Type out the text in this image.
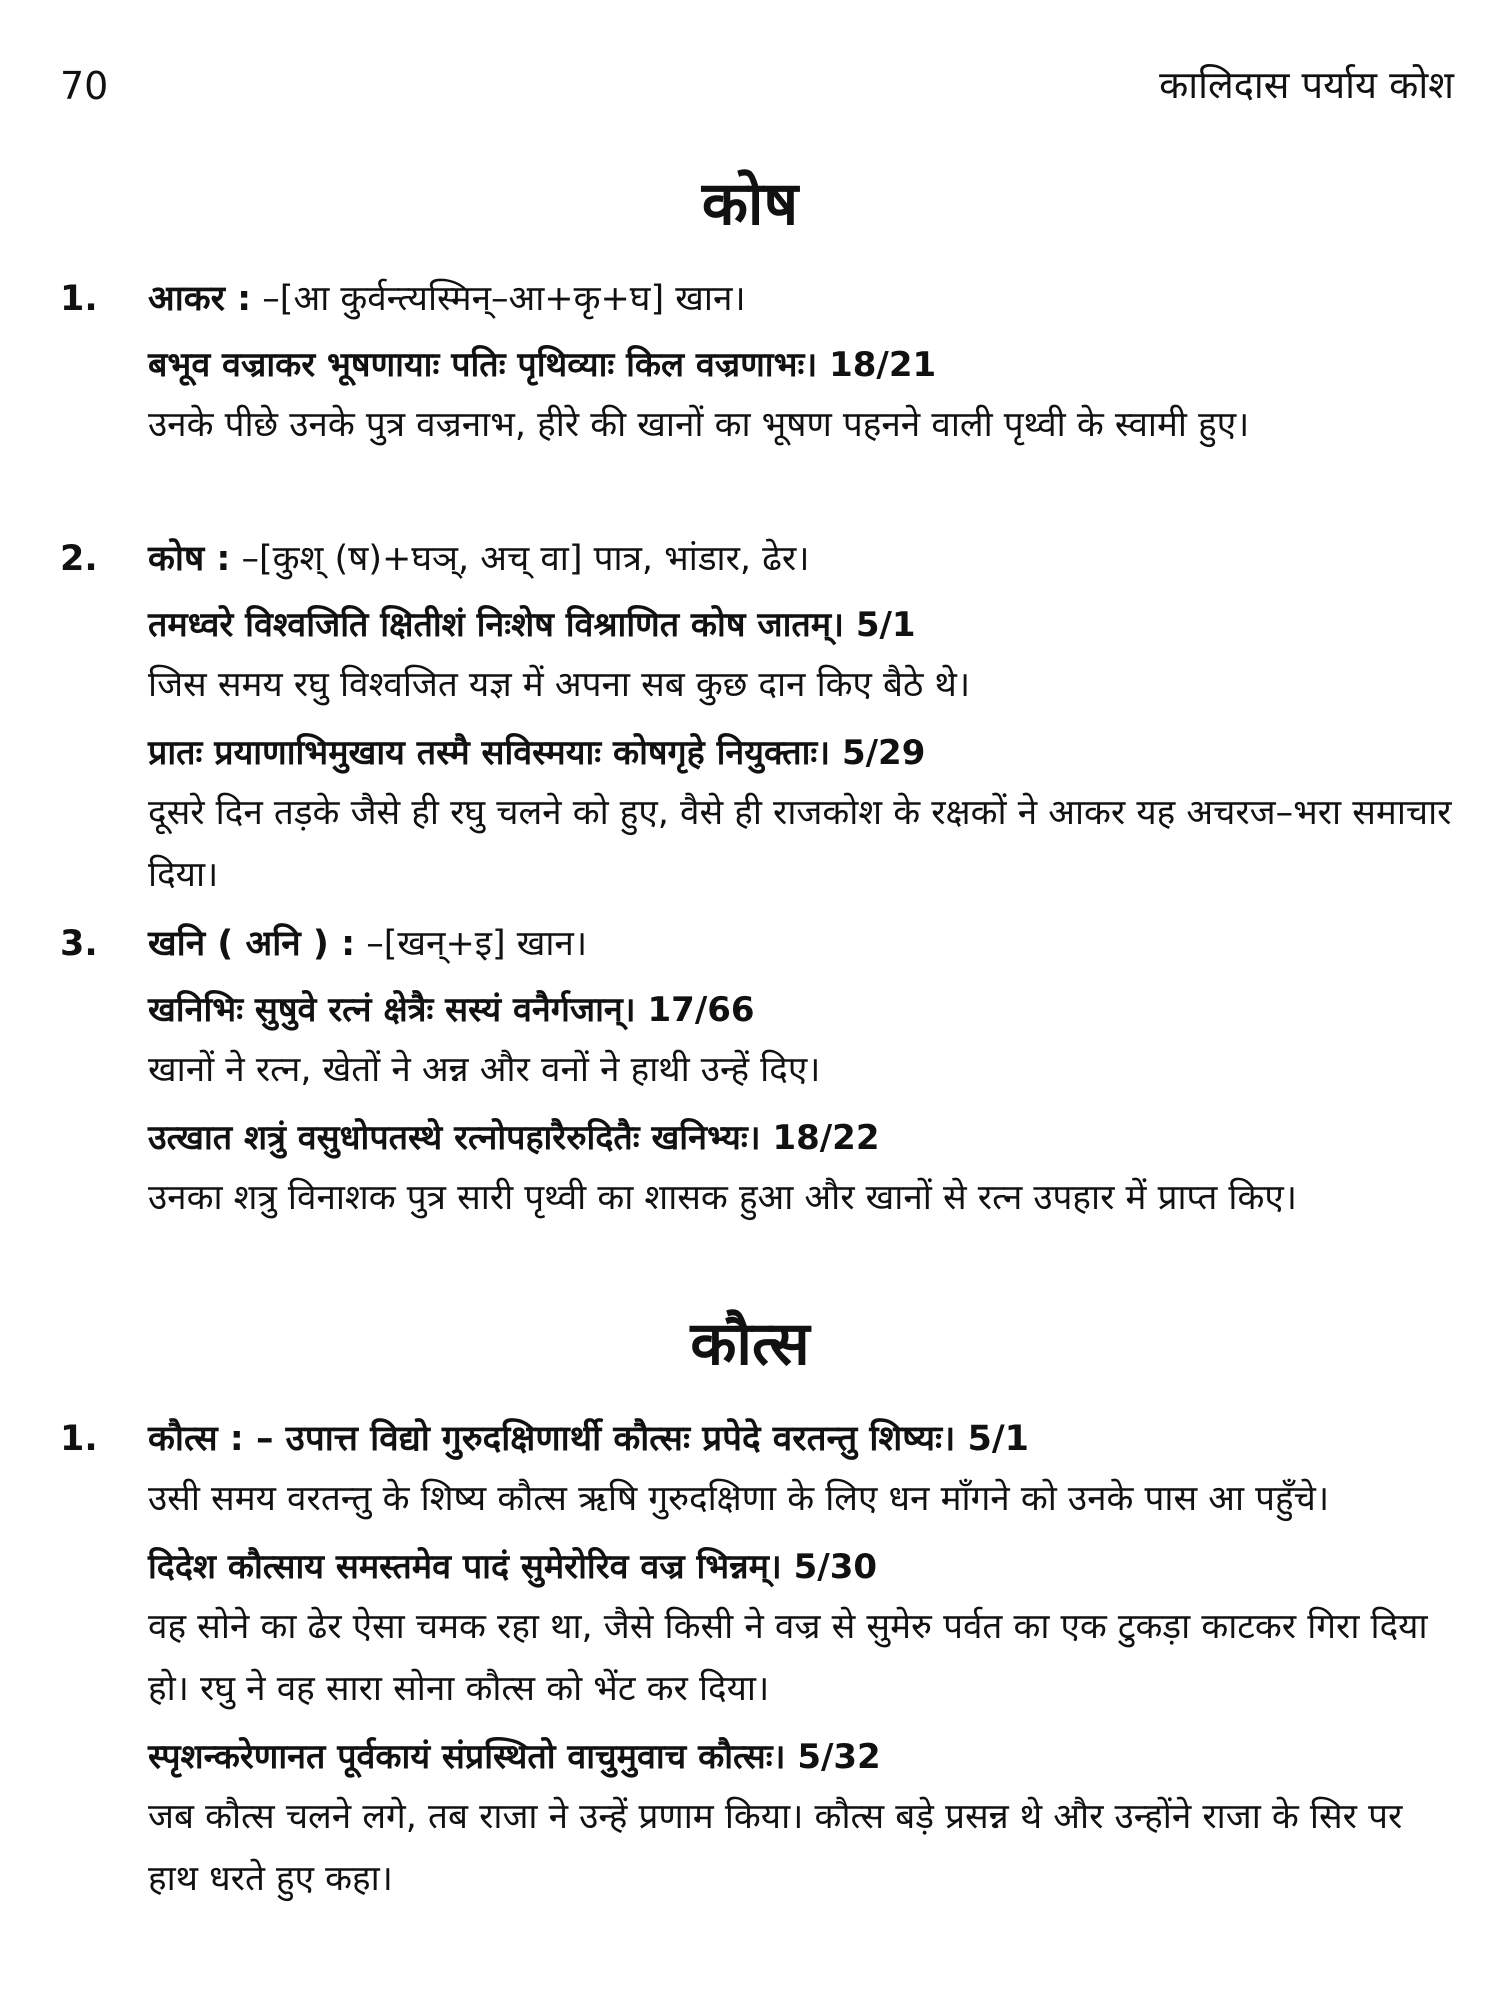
70	कालिदास पर्याय कोश
कोष
1.	आकर : –[आ कुर्वन्त्यस्मिन्–आ+कृ+घ] खान।
बभूव वज्राकर भूषणायाः पतिः पृथिव्याः किल वज्रणाभः। 18/21
उनके पीछे उनके पुत्र वज्रनाभ, हीरे की खानों का भूषण पहनने वाली पृथ्वी के स्वामी हुए।
2.	कोष : –[कुश् (ष)+घञ्, अच् वा] पात्र, भांडार, ढेर।
तमध्वरे विश्वजिति क्षितीशं निःशेष विश्राणित कोष जातम्। 5/1
जिस समय रघु विश्वजित यज्ञ में अपना सब कुछ दान किए बैठे थे।
प्रातः प्रयाणाभिमुखाय तस्मै सविस्मयाः कोषगृहे नियुक्ताः। 5/29
दूसरे दिन तड़के जैसे ही रघु चलने को हुए, वैसे ही राजकोश के रक्षकों ने आकर यह अचरज–भरा समाचार दिया।
3.	खनि ( अनि ) : –[खन्+इ] खान।
खनिभिः सुषुवे रत्नं क्षेत्रैः सस्यं वनैर्गजान्। 17/66
खानों ने रत्न, खेतों ने अन्न और वनों ने हाथी उन्हें दिए।
उत्खात शत्रुं वसुधोपतस्थे रत्नोपहारैरुदितैः खनिभ्यः। 18/22
उनका शत्रु विनाशक पुत्र सारी पृथ्वी का शासक हुआ और खानों से रत्न उपहार में प्राप्त किए।
कौत्स
1.	कौत्स : – उपात्त विद्यो गुरुदक्षिणार्थी कौत्सः प्रपेदे वरतन्तु शिष्यः। 5/1
उसी समय वरतन्तु के शिष्य कौत्स ऋषि गुरुदक्षिणा के लिए धन माँगने को उनके पास आ पहुँचे।
दिदेश कौत्साय समस्तमेव पादं सुमेरोरिव वज्र भिन्नम्। 5/30
वह सोने का ढेर ऐसा चमक रहा था, जैसे किसी ने वज्र से सुमेरु पर्वत का एक टुकड़ा काटकर गिरा दिया हो। रघु ने वह सारा सोना कौत्स को भेंट कर दिया।
स्पृशन्करेणानत पूर्वकायं संप्रस्थितो वाचुमुवाच कौत्सः। 5/32
जब कौत्स चलने लगे, तब राजा ने उन्हें प्रणाम किया। कौत्स बड़े प्रसन्न थे और उन्होंने राजा के सिर पर हाथ धरते हुए कहा।
